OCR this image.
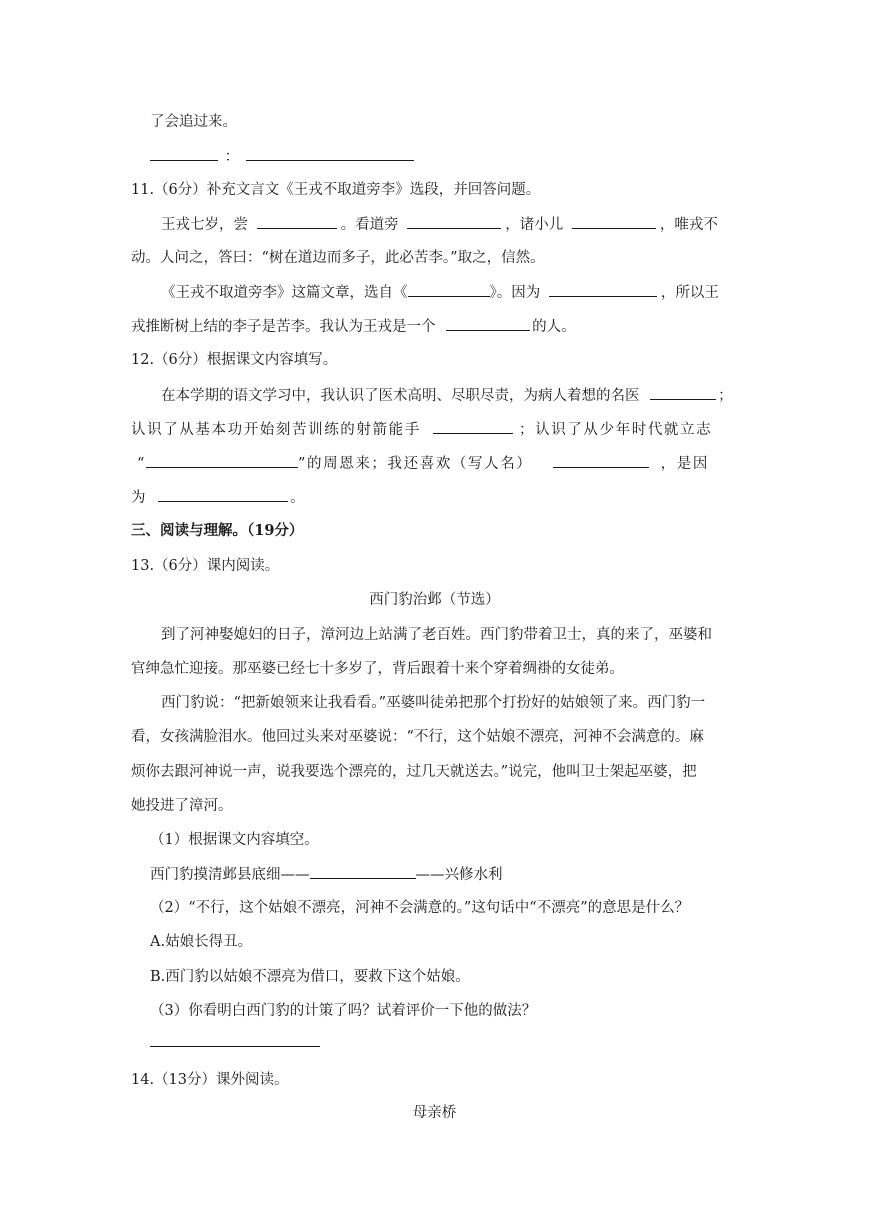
了会追过来。
：
11.（6分）补充文言文《王戎不取道旁李》选段，并回答问题。
王戎七岁，尝	。看道旁	，诸小儿	，唯戎不
动。人问之，答曰：“树在道边而多子，此必苦李。”取之，信然。
《王戎不取道旁李》这篇文章，选自《	》。因为	，所以王
戎推断树上结的李子是苦李。我认为王戎是一个	的人。
12.（6分）根据课文内容填写。
在本学期的语文学习中，我认识了医术高明、尽职尽责，为病人着想的名医	；
认识了从基本功开始刻苦训练的射箭能手	；认识了从少年时代就立志
“	”的周恩来；我还喜欢（写人名）	，是因
为	。
三、阅读与理解。（19分）
13.（6分）课内阅读。
西门豹治邺（节选）
到了河神娶媳妇的日子，漳河边上站满了老百姓。西门豹带着卫士，真的来了，巫婆和
官绅急忙迎接。那巫婆已经七十多岁了，背后跟着十来个穿着绸褂的女徒弟。
西门豹说：“把新娘领来让我看看。”巫婆叫徒弟把那个打扮好的姑娘领了来。西门豹一
看，女孩满脸泪水。他回过头来对巫婆说：“不行，这个姑娘不漂亮，河神不会满意的。麻
烦你去跟河神说一声，说我要选个漂亮的，过几天就送去。”说完，他叫卫士架起巫婆，把
她投进了漳河。
（1）根据课文内容填空。
西门豹摸清邺县底细——	——兴修水利
（2）“不行，这个姑娘不漂亮，河神不会满意的。”这句话中“不漂亮”的意思是什么？
A.姑娘长得丑。
B.西门豹以姑娘不漂亮为借口，要救下这个姑娘。
（3）你看明白西门豹的计策了吗？试着评价一下他的做法？
14.（13分）课外阅读。
母亲桥
